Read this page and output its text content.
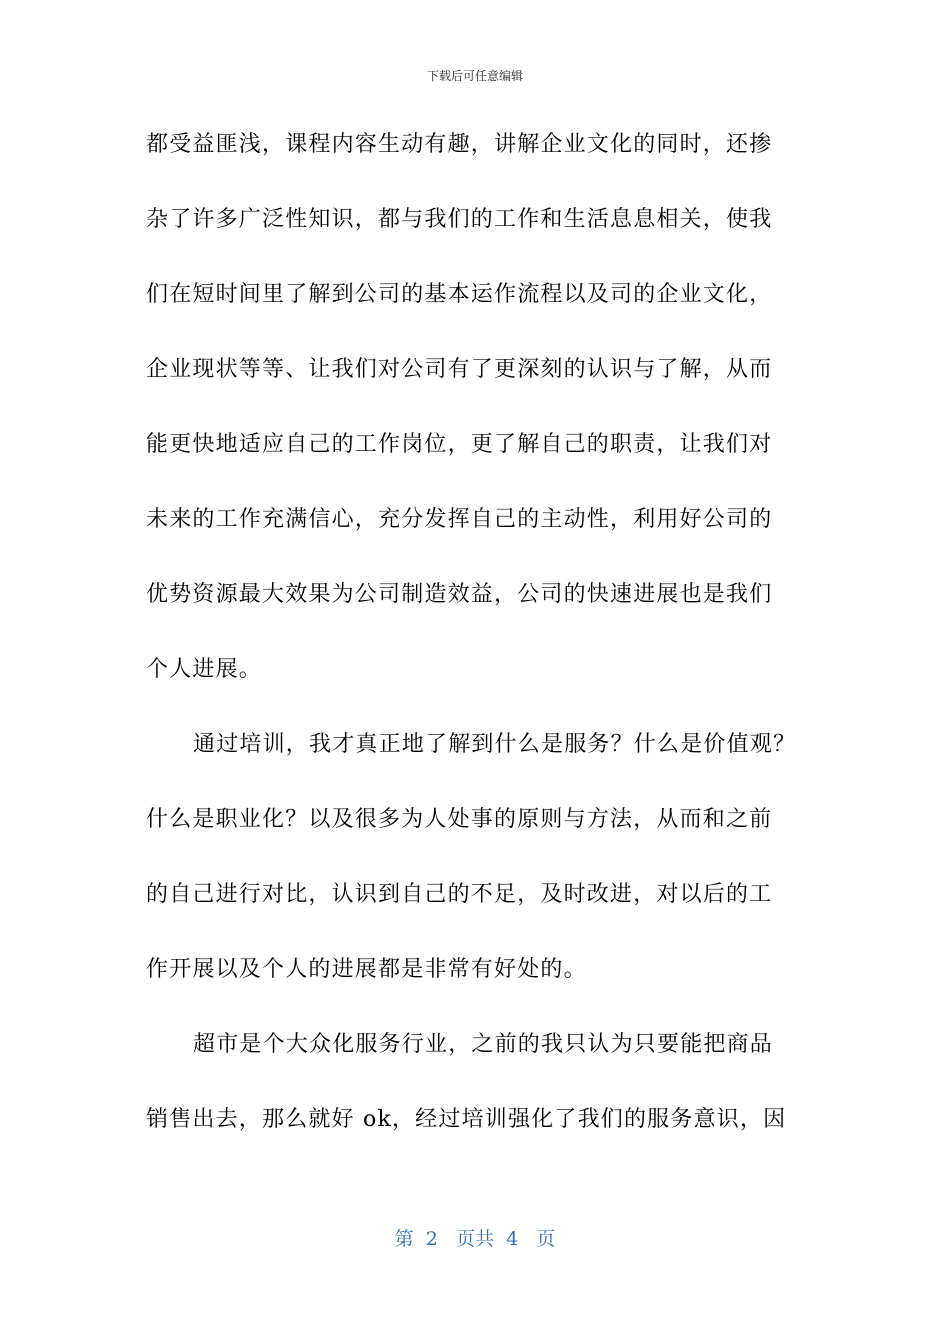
下载后可任意编辑
都受益匪浅，课程内容生动有趣，讲解企业文化的同时，还掺
杂了许多广泛性知识，都与我们的工作和生活息息相关，使我
们在短时间里了解到公司的基本运作流程以及司的企业文化，
企业现状等等、让我们对公司有了更深刻的认识与了解，从而
能更快地适应自己的工作岗位，更了解自己的职责，让我们对
未来的工作充满信心，充分发挥自己的主动性，利用好公司的
优势资源最大效果为公司制造效益，公司的快速进展也是我们
个人进展。
通过培训，我才真正地了解到什么是服务？什么是价值观？
什么是职业化？以及很多为人处事的原则与方法，从而和之前
的自己进行对比，认识到自己的不足，及时改进，对以后的工
作开展以及个人的进展都是非常有好处的。
超市是个大众化服务行业，之前的我只认为只要能把商品
销售出去，那么就好 ok，经过培训强化了我们的服务意识，因
第 2 页共 4 页
